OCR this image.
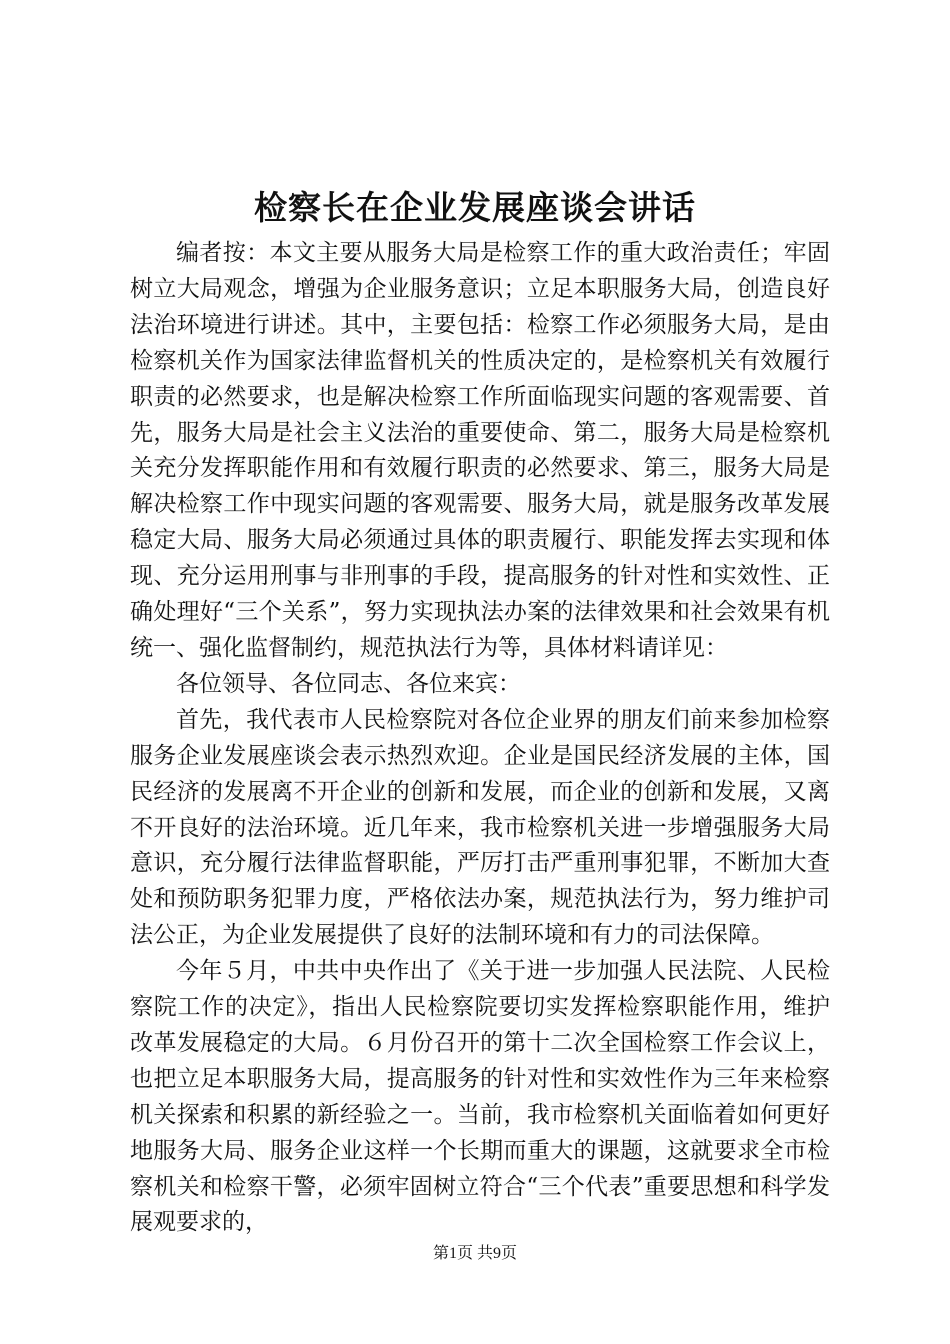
检察长在企业发展座谈会讲话

编者按：本文主要从服务大局是检察工作的重大政治责任；牢固树立大局观念，增强为企业服务意识；立足本职服务大局，创造良好法治环境进行讲述。其中，主要包括：检察工作必须服务大局，是由检察机关作为国家法律监督机关的性质决定的，是检察机关有效履行职责的必然要求，也是解决检察工作所面临现实问题的客观需要、首先，服务大局是社会主义法治的重要使命、第二，服务大局是检察机关充分发挥职能作用和有效履行职责的必然要求、第三，服务大局是解决检察工作中现实问题的客观需要、服务大局，就是服务改革发展稳定大局、服务大局必须通过具体的职责履行、职能发挥去实现和体现、充分运用刑事与非刑事的手段，提高服务的针对性和实效性、正确处理好“三个关系”，努力实现执法办案的法律效果和社会效果有机统一、强化监督制约，规范执法行为等，具体材料请详见：

各位领导、各位同志、各位来宾：

首先，我代表市人民检察院对各位企业界的朋友们前来参加检察服务企业发展座谈会表示热烈欢迎。企业是国民经济发展的主体，国民经济的发展离不开企业的创新和发展，而企业的创新和发展，又离不开良好的法治环境。近几年来，我市检察机关进一步增强服务大局意识，充分履行法律监督职能，严厉打击严重刑事犯罪，不断加大查处和预防职务犯罪力度，严格依法办案，规范执法行为，努力维护司法公正，为企业发展提供了良好的法制环境和有力的司法保障。

今年５月，中共中央作出了《关于进一步加强人民法院、人民检察院工作的决定》，指出人民检察院要切实发挥检察职能作用，维护改革发展稳定的大局。６月份召开的第十二次全国检察工作会议上，也把立足本职服务大局，提高服务的针对性和实效性作为三年来检察机关探索和积累的新经验之一。当前，我市检察机关面临着如何更好地服务大局、服务企业这样一个长期而重大的课题，这就要求全市检察机关和检察干警，必须牢固树立符合“三个代表”重要思想和科学发展观要求的，

第1页 共9页
